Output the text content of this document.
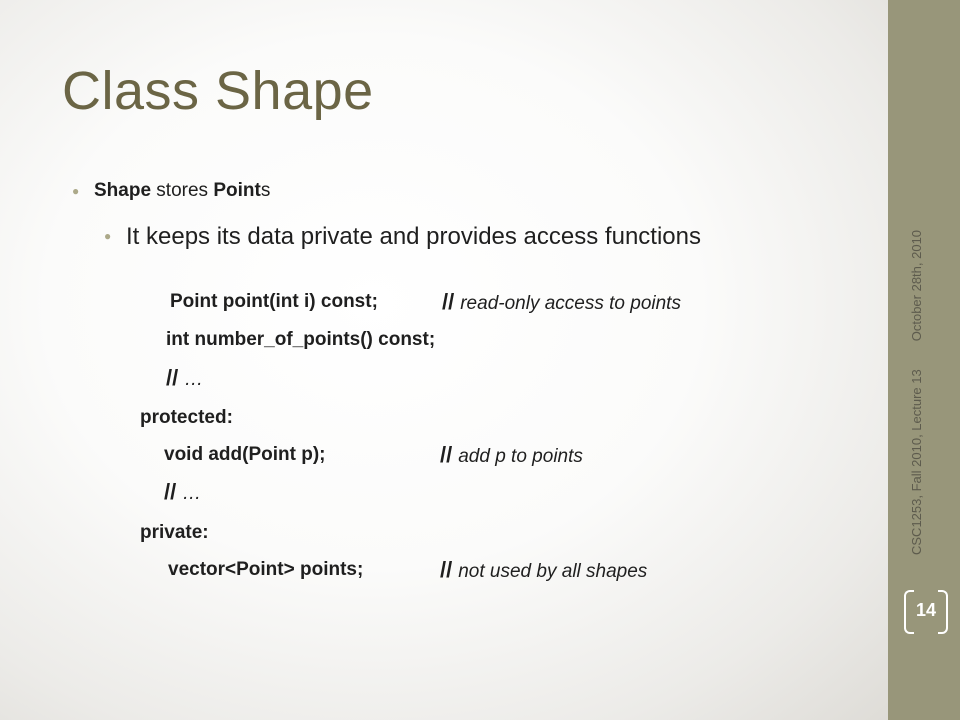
Class Shape
● Shape stores Points
● It keeps its data private and provides access functions
Point point(int i) const;	// read-only access to points
int number_of_points() const;
// …
protected:
void add(Point p);	// add p to points
// …
private:
vector<Point> points;	// not used by all shapes
CSC1253, Fall 2010, Lecture 13October 28th, 2010
14
